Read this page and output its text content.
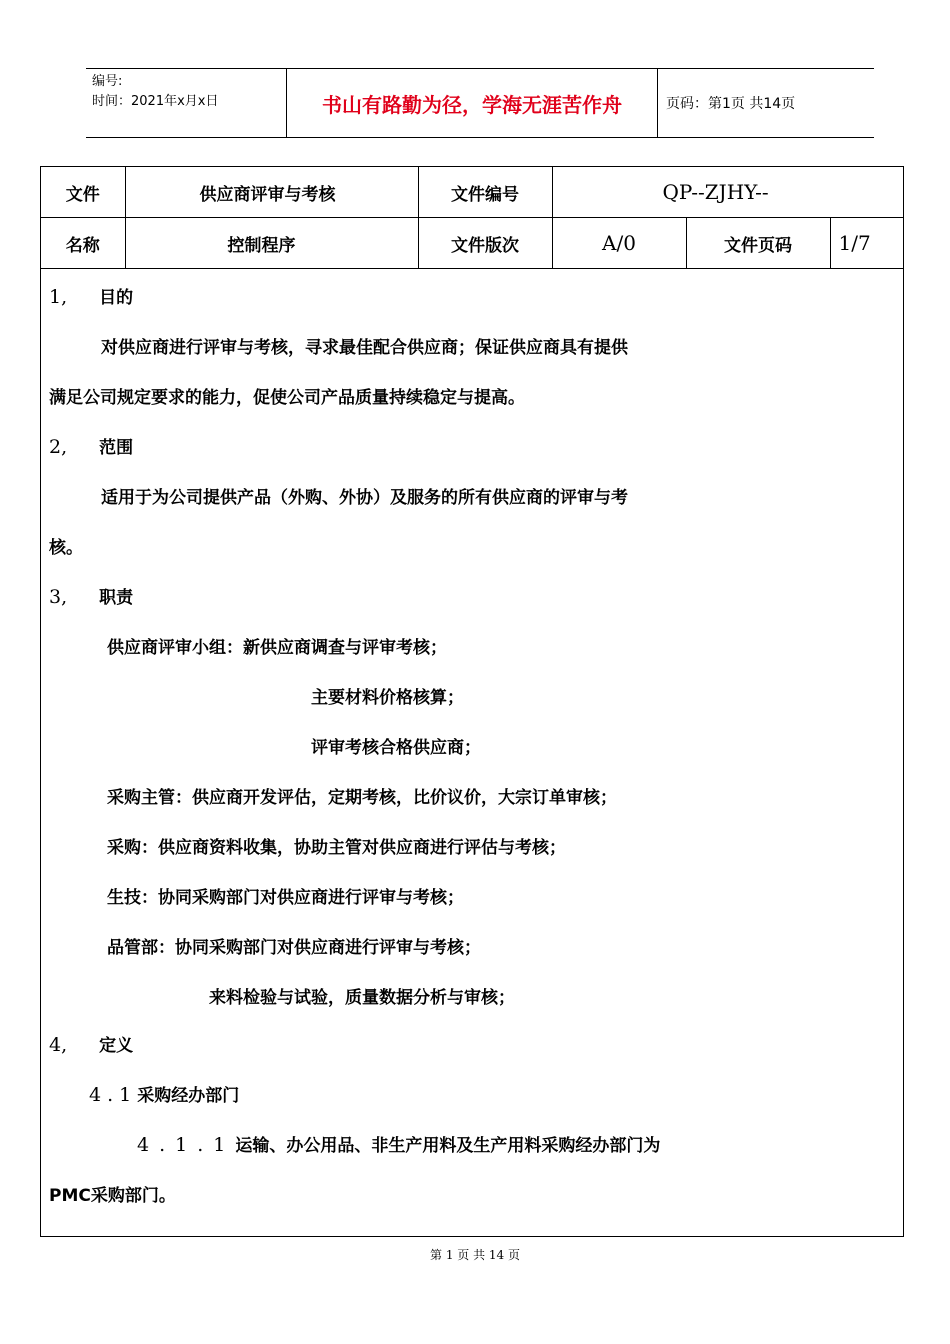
编号:
时间：2021年x月x日	书山有路勤为径，学海无涯苦作舟	页码：第1页 共14页
文件	供应商评审与考核	文件编号	QP--ZJHY--		
名称	控制程序	文件版次	A/0	文件页码	1/7
1, 目的
对供应商进行评审与考核，寻求最佳配合供应商；保证供应商具有提供
满足公司规定要求的能力，促使公司产品质量持续稳定与提高。
2, 范围
适用于为公司提供产品（外购、外协）及服务的所有供应商的评审与考
核。
3, 职责
供应商评审小组：新供应商调查与评审考核；
主要材料价格核算；
评审考核合格供应商；
采购主管：供应商开发评估，定期考核，比价议价，大宗订单审核；
采购：供应商资料收集，协助主管对供应商进行评估与考核；
生技：协同采购部门对供应商进行评审与考核；
品管部：协同采购部门对供应商进行评审与考核；
来料检验与试验，质量数据分析与审核；
4, 定义
4.1采购经办部门
4.1.1运输、办公用品、非生产用料及生产用料采购经办部门为
PMC采购部门。
第 1 页 共 14 页
